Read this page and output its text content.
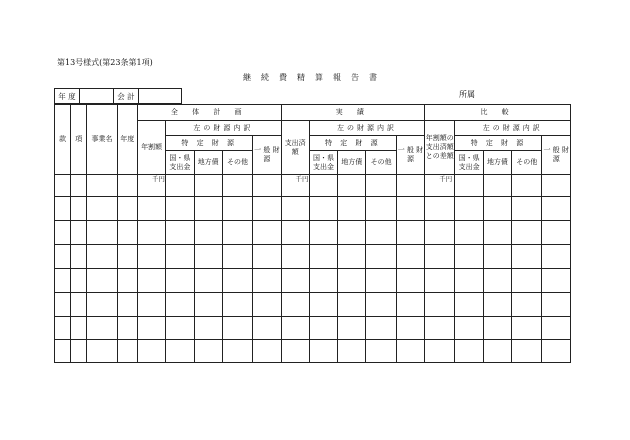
第13号様式(第23条第1項)
継続費精算報告書
年 度	会 計	所属
款	項	事業名	年度	全 体 計 画					実 績					比 較				
				年割額	左の財源内訳				支出済額	左の財源内訳				年割額の支出済額との差額	左の財源内訳			
					特 定 財 源			一 般 財 源		特 定 財 源			一 般 財 源		特 定 財 源			一 般 財 源
					国・県支出金	地方債	その他			国・県支出金	地方債	その他			国・県支出金	地方債	その他	
				千円					千円					千円				
